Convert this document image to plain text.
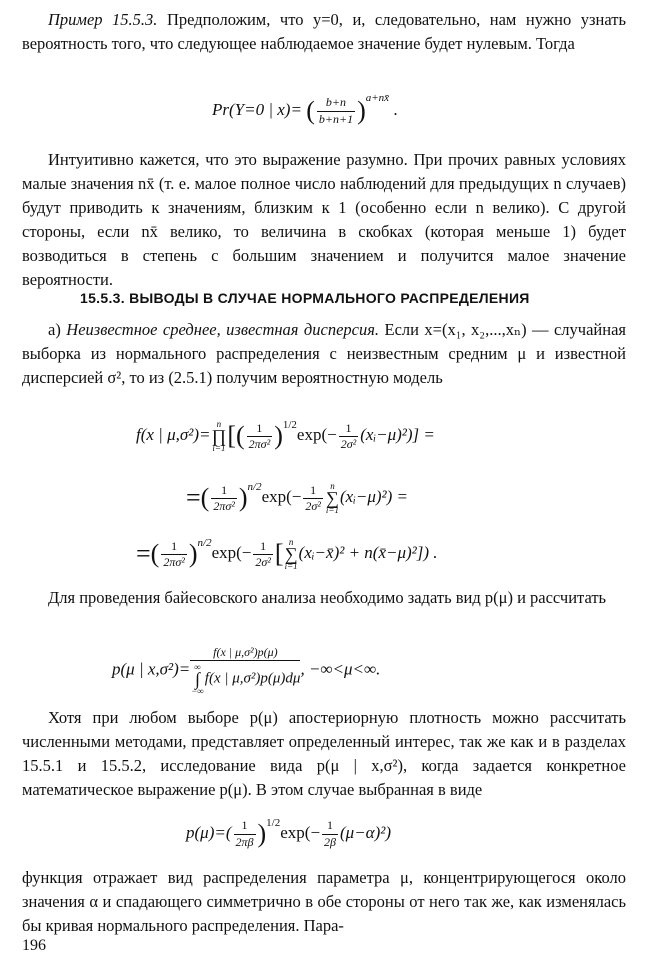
Пример 15.5.3. Предположим, что y=0, и, следовательно, нам нужно узнать вероятность того, что следующее наблюдаемое значение будет нулевым. Тогда

Pr(Y=0 | x)= ( $\frac{b+n}{b+n+1} )^{a+nx̄}$ .

Интуитивно кажется, что это выражение разумно. При прочих равных условиях малые значения nx̄ (т. е. малое полное число наблюдений для предыдущих n случаев) будут приводить к значениям, близким к 1 (особенно если n велико). С другой стороны, если nx̄ велико, то величина в скобках (которая меньше 1) будет возводиться в степень с большим значением и получится малое значение вероятности.

15.5.3. ВЫВОДЫ В СЛУЧАЕ НОРМАЛЬНОГО РАСПРЕДЕЛЕНИЯ

а) Неизвестное среднее, известная дисперсия. Если x=(x₁, x₂,...,xₙ) — случайная выборка из нормального распределения с неизвестным средним μ и известной дисперсией σ², то из (2.5.1) получим вероятностную модель

f(x | μ,σ²)=
n
∏
i=1 [( $\frac{1}{\text{2πσ²}} )^{1/2}\exp(- \frac{1}{\text{2σ²}}$ (xᵢ−μ)²)] =
=( $\frac{1}{\text{2πσ²}} )^{n/2}\exp(- \frac{1}{\text{2σ²}}$ n
∑
i=1
(xᵢ−μ)²) =
=( $\frac{1}{\text{2πσ²}} )^{n/2}\exp(- \frac{1}{\text{2σ²}}$ [ n
∑
i=1
(xᵢ−x̄)² + n(x̄−μ)²]) .

Для проведения байесовского анализа необходимо задать вид p(μ) и рассчитать

p(μ | x,σ²)= f(x | μ,σ²)p(μ)
∞
∫
−∞
f(x | μ,σ²)p(μ)dμ , −∞<μ<∞.

Хотя при любом выборе p(μ) апостериорную плотность можно рассчитать численными методами, представляет определенный интерес, так же как и в разделах 15.5.1 и 15.5.2, исследование вида p(μ | x,σ²), когда задается конкретное математическое выражение p(μ). В этом случае выбранная в виде

$p(\mu)=( \frac{1}{2\pi\beta} )^{1/2}\exp(- \frac{1}{2\beta} (\mu-\alpha)^2)$

функция отражает вид распределения параметра μ, концентрирующегося около значения α и спадающего симметрично в обе стороны от него так же, как изменялась бы кривая нормального распределения. Пара-

196
